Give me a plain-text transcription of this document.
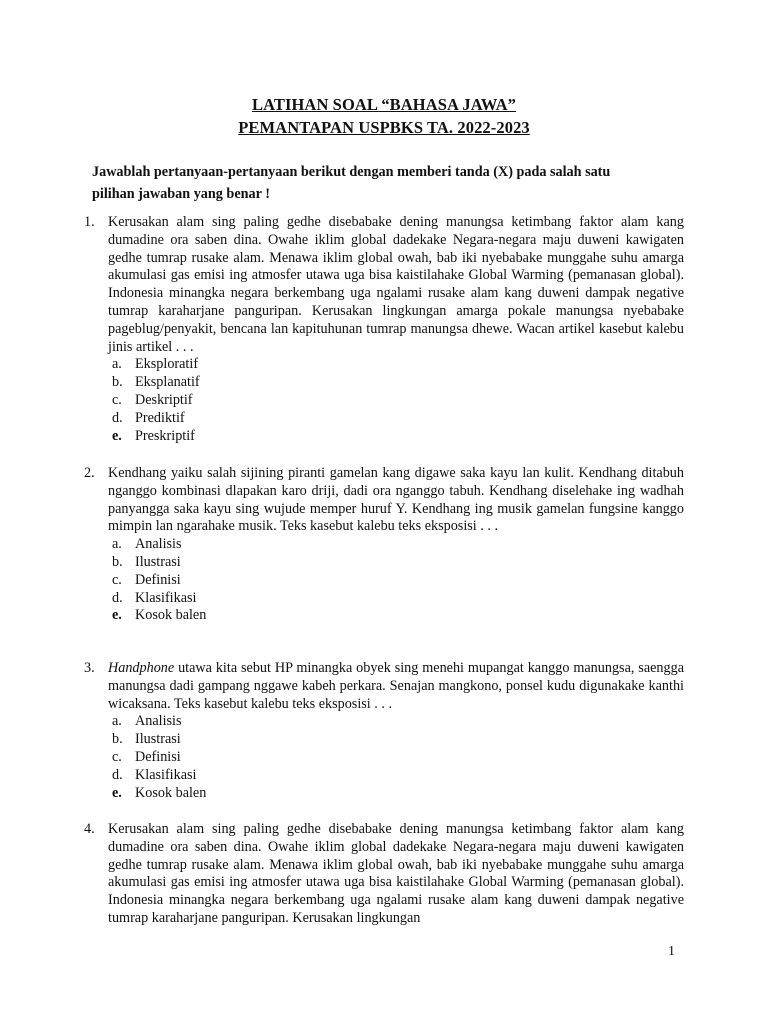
LATIHAN SOAL “BAHASA JAWA”
PEMANTAPAN USPBKS TA. 2022-2023
Jawablah pertanyaan-pertanyaan berikut dengan memberi tanda (X) pada salah satu pilihan jawaban yang benar !
1. Kerusakan alam sing paling gedhe disebabake dening manungsa ketimbang faktor alam kang dumadine ora saben dina. Owahe iklim global dadekake Negara-negara maju duweni kawigaten gedhe tumrap rusake alam. Menawa iklim global owah, bab iki nyebabake munggahe suhu amarga akumulasi gas emisi ing atmosfer utawa uga bisa kaistilahake Global Warming (pemanasan global). Indonesia minangka negara berkembang uga ngalami rusake alam kang duweni dampak negative tumrap karaharjane panguripan. Kerusakan lingkungan amarga pokale manungsa nyebabake pageblug/penyakit, bencana lan kapituhunan tumrap manungsa dhewe. Wacan artikel kasebut kalebu jinis artikel . . .
a. Eksploratif
b. Eksplanatif
c. Deskriptif
d. Prediktif
e. Preskriptif
2. Kendhang yaiku salah sijining piranti gamelan kang digawe saka kayu lan kulit. Kendhang ditabuh nganggo kombinasi dlapakan karo driji, dadi ora nganggo tabuh. Kendhang diselehake ing wadhah panyangga saka kayu sing wujude memper huruf Y. Kendhang ing musik gamelan fungsine kanggo mimpin lan ngarahake musik. Teks kasebut kalebu teks eksposisi . . .
a. Analisis
b. Ilustrasi
c. Definisi
d. Klasifikasi
e. Kosok balen
3. Handphone utawa kita sebut HP minangka obyek sing menehi mupangat kanggo manungsa, saengga manungsa dadi gampang nggawe kabeh perkara. Senajan mangkono, ponsel kudu digunakake kanthi wicaksana. Teks kasebut kalebu teks eksposisi . . .
a. Analisis
b. Ilustrasi
c. Definisi
d. Klasifikasi
e. Kosok balen
4. Kerusakan alam sing paling gedhe disebabake dening manungsa ketimbang faktor alam kang dumadine ora saben dina. Owahe iklim global dadekake Negara-negara maju duweni kawigaten gedhe tumrap rusake alam. Menawa iklim global owah, bab iki nyebabake munggahe suhu amarga akumulasi gas emisi ing atmosfer utawa uga bisa kaistilahake Global Warming (pemanasan global). Indonesia minangka negara berkembang uga ngalami rusake alam kang duweni dampak negative tumrap karaharjane panguripan. Kerusakan lingkungan
1
